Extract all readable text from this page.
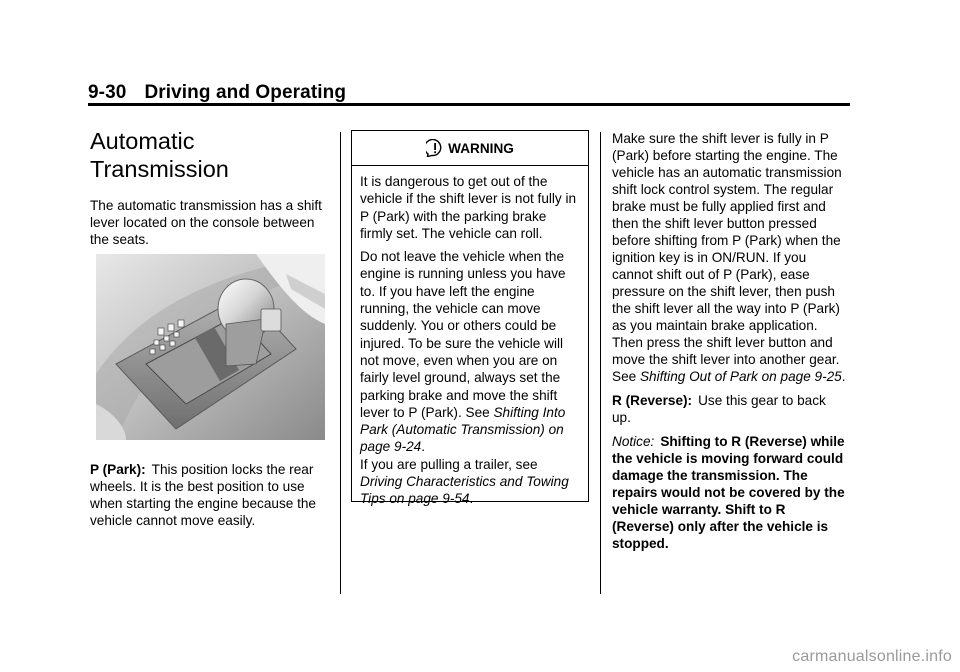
9-30 Driving and Operating
Automatic
Transmission

The automatic transmission has a shift lever located on the console between the seats.

P (Park): This position locks the rear wheels. It is the best position to use when starting the engine because the vehicle cannot move easily.

WARNING

It is dangerous to get out of the vehicle if the shift lever is not fully in P (Park) with the parking brake firmly set. The vehicle can roll.

Do not leave the vehicle when the engine is running unless you have to. If you have left the engine running, the vehicle can move suddenly. You or others could be injured. To be sure the vehicle will not move, even when you are on fairly level ground, always set the parking brake and move the shift lever to P (Park). See Shifting Into Park (Automatic Transmission) on page 9-24.
If you are pulling a trailer, see Driving Characteristics and Towing Tips on page 9-54.

Make sure the shift lever is fully in P (Park) before starting the engine. The vehicle has an automatic transmission shift lock control system. The regular brake must be fully applied first and then the shift lever button pressed before shifting from P (Park) when the ignition key is in ON/RUN. If you cannot shift out of P (Park), ease pressure on the shift lever, then push the shift lever all the way into P (Park) as you maintain brake application. Then press the shift lever button and move the shift lever into another gear. See Shifting Out of Park on page 9-25.

R (Reverse): Use this gear to back up.

Notice: Shifting to R (Reverse) while the vehicle is moving forward could damage the transmission. The repairs would not be covered by the vehicle warranty. Shift to R (Reverse) only after the vehicle is stopped.

carmanualsonline.info
